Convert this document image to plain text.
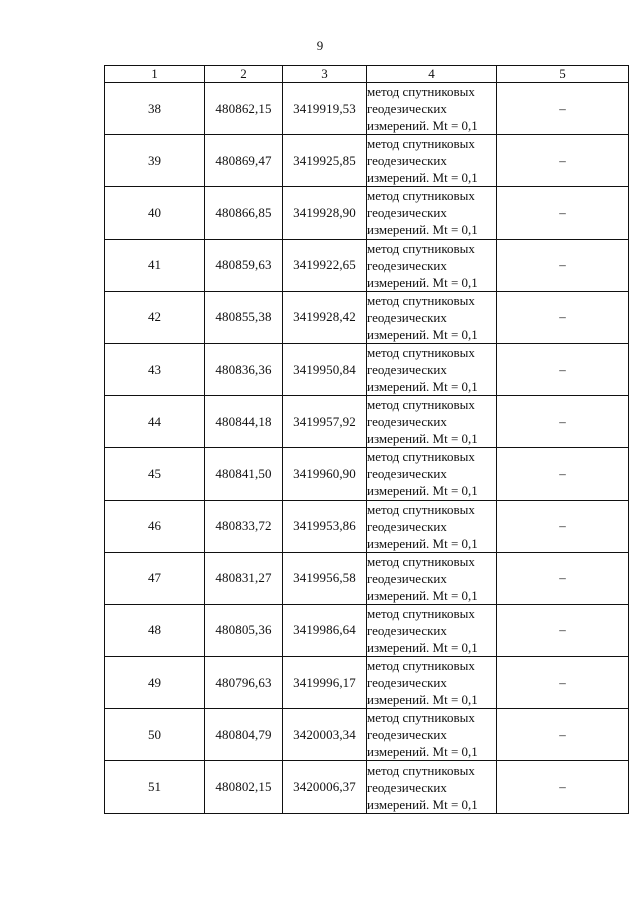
9
1	2	3	4	5
38	480862,15	3419919,53	метод спутниковых
геодезических
измерений. Mt = 0,1	–
39	480869,47	3419925,85	метод спутниковых
геодезических
измерений. Mt = 0,1	–
40	480866,85	3419928,90	метод спутниковых
геодезических
измерений. Mt = 0,1	–
41	480859,63	3419922,65	метод спутниковых
геодезических
измерений. Mt = 0,1	–
42	480855,38	3419928,42	метод спутниковых
геодезических
измерений. Mt = 0,1	–
43	480836,36	3419950,84	метод спутниковых
геодезических
измерений. Mt = 0,1	–
44	480844,18	3419957,92	метод спутниковых
геодезических
измерений. Mt = 0,1	–
45	480841,50	3419960,90	метод спутниковых
геодезических
измерений. Mt = 0,1	–
46	480833,72	3419953,86	метод спутниковых
геодезических
измерений. Mt = 0,1	–
47	480831,27	3419956,58	метод спутниковых
геодезических
измерений. Mt = 0,1	–
48	480805,36	3419986,64	метод спутниковых
геодезических
измерений. Mt = 0,1	–
49	480796,63	3419996,17	метод спутниковых
геодезических
измерений. Mt = 0,1	–
50	480804,79	3420003,34	метод спутниковых
геодезических
измерений. Mt = 0,1	–
51	480802,15	3420006,37	метод спутниковых
геодезических
измерений. Mt = 0,1	–
